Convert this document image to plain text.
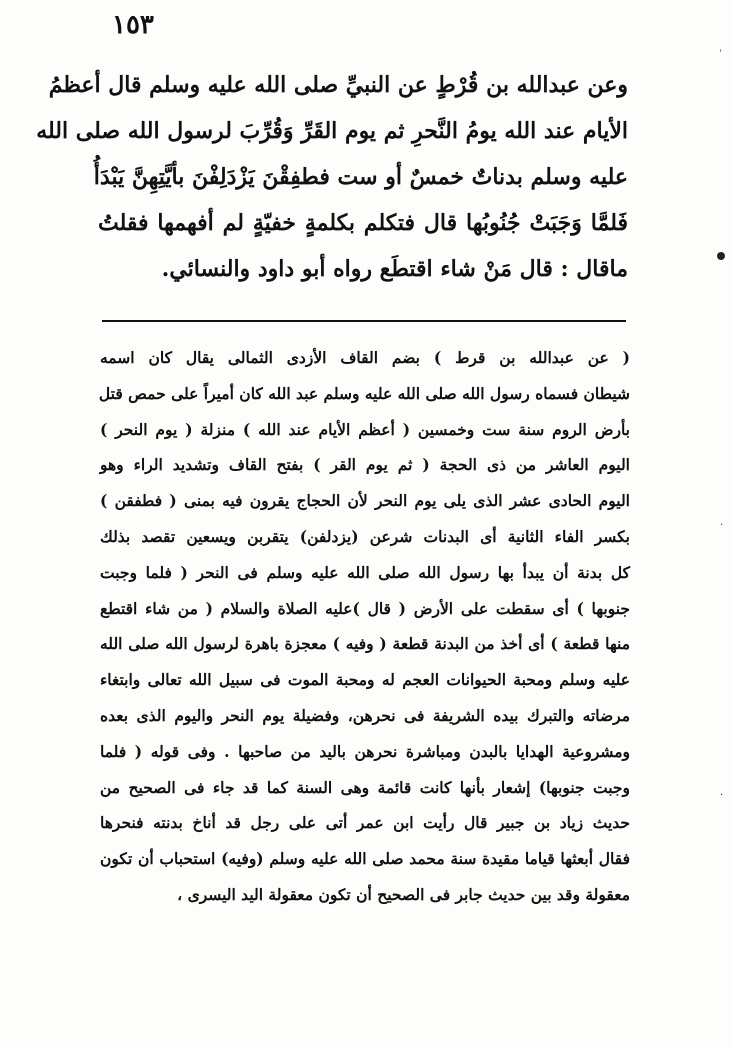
١٥٣
وعن عبدالله بن قُرْطٍ عن النبيِّ صلى الله عليه وسلم قال أعظمُ
الأيام عند الله يومُ النَّحرِ ثم يوم القَرِّ وَقُرِّبَ لرسول الله صلى الله
عليه وسلم بدناتٌ خمسٌ أو ست فطفِقْنَ يَزْدَلِفْنَ بأيَّتِهِنَّ يَبْدَأُ
فَلمَّا وَجَبَتْ جُنُوبُها قال فتكلم بكلمةٍ خفيّةٍ لم أفهمها فقلتُ
ماقال : قال مَنْ شاء اقتطَع رواه أبو داود والنسائي.
( عن عبدالله بن قرط ) بضم القاف الأزدى الثمالى يقال كان اسمه
شيطان فسماه رسول الله صلى الله عليه وسلم عبد الله كان أميراً على حمص قتل
بأرض الروم سنة ست وخمسين ( أعظم الأيام عند الله ) منزلة ( يوم النحر )
اليوم العاشر من ذى الحجة ( ثم يوم القر ) بفتح القاف وتشديد الراء وهو
اليوم الحادى عشر الذى يلى يوم النحر لأن الحجاج يقرون فيه بمنى ( فطفقن )
بكسر الفاء الثانية أى البدنات شرعن (يزدلفن) يتقربن ويسعين تقصد بذلك
كل بدنة أن يبدأ بها رسول الله صلى الله عليه وسلم فى النحر ( فلما وجبت
جنوبها ) أى سقطت على الأرض ( قال )عليه الصلاة والسلام ( من شاء اقتطع
منها قطعة ) أى أخذ من البدنة قطعة ( وفيه ) معجزة باهرة لرسول الله صلى الله
عليه وسلم ومحبة الحيوانات العجم له ومحبة الموت فى سبيل الله تعالى وابتغاء
مرضاته والتبرك بيده الشريفة فى نحرهن، وفضيلة يوم النحر واليوم الذى بعده
ومشروعية الهدايا بالبدن ومباشرة نحرهن باليد من صاحبها . وفى قوله ( فلما
وجبت جنوبها) إشعار بأنها كانت قائمة وهى السنة كما قد جاء فى الصحيح من
حديث زياد بن جبير قال رأيت ابن عمر أتى على رجل قد أناخ بدنته فنحرها
فقال أبعثها قياما مقيدة سنة محمد صلى الله عليه وسلم (وفيه) استحباب أن تكون
معقولة وقد بين حديث جابر فى الصحيح أن تكون معقولة اليد اليسرى ،
·
·
